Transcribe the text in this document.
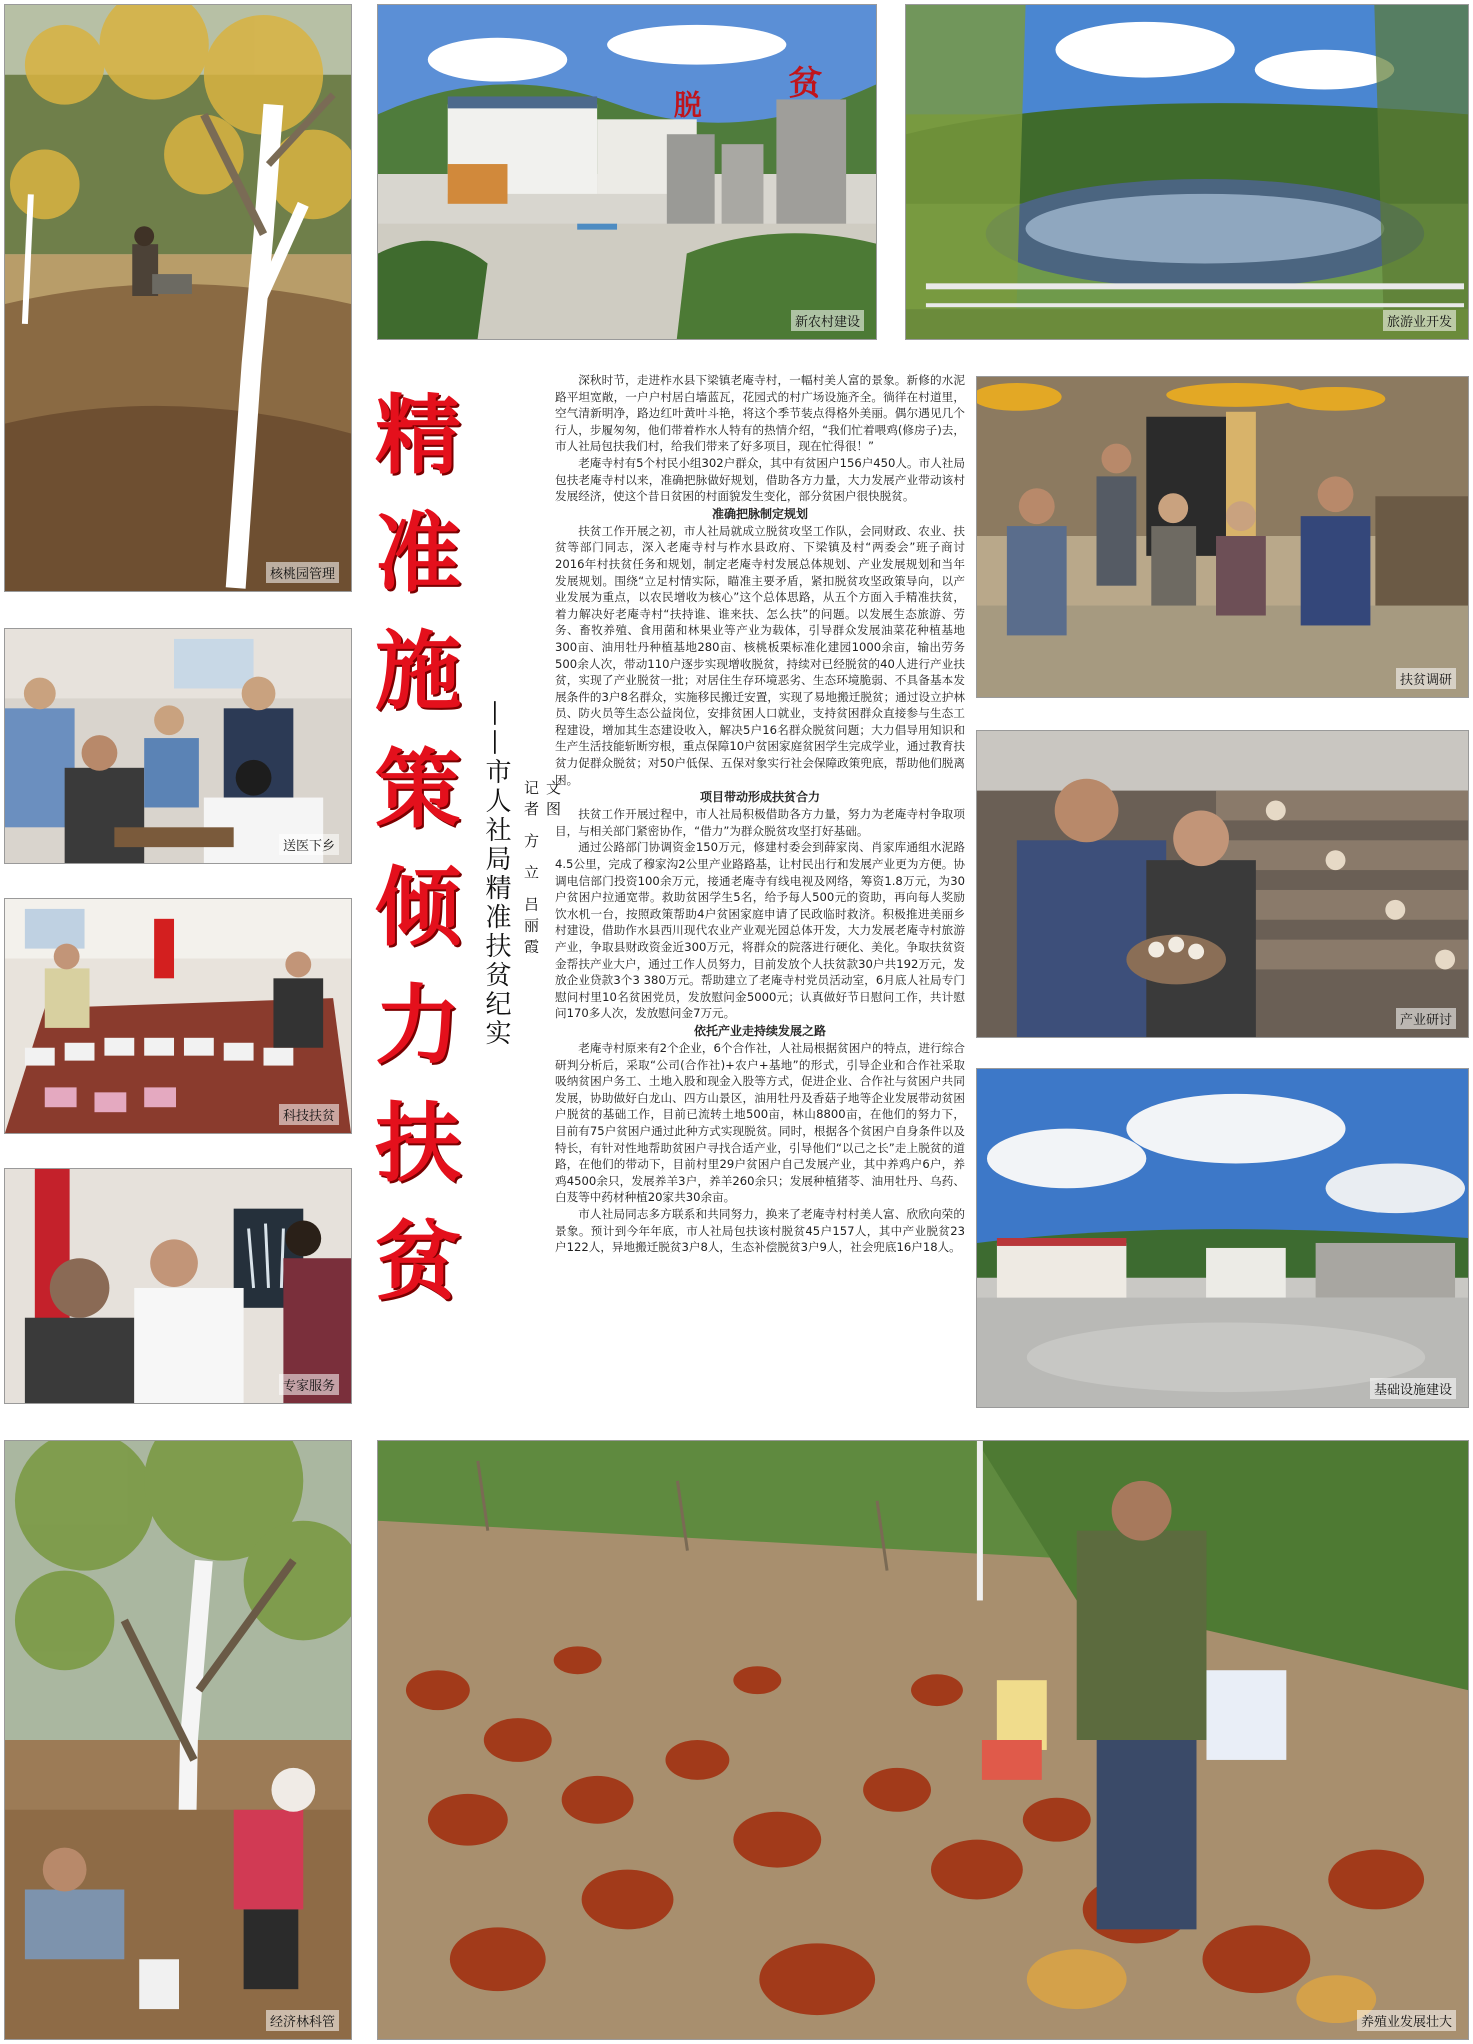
核桃园管理
脱
贫
新农村建设	旅游业开发
精
准
施
策
倾
力
扶
贫
——市人社局精准扶贫纪实 文图
记者 方 立 吕丽霞

深秋时节，走进柞水县下梁镇老庵寺村，一幅村美人富的景象。新修的水泥路平坦宽敞，一户户村居白墙蓝瓦，花园式的村广场设施齐全。徜徉在村道里，空气清新明净，路边红叶黄叶斗艳，将这个季节装点得格外美丽。偶尔遇见几个行人，步履匆匆，他们带着柞水人特有的热情介绍，“我们忙着喂鸡(修房子)去，市人社局包扶我们村，给我们带来了好多项目，现在忙得很！”

老庵寺村有5个村民小组302户群众，其中有贫困户156户450人。市人社局包扶老庵寺村以来，准确把脉做好规划，借助各方力量，大力发展产业带动该村发展经济，使这个昔日贫困的村面貌发生变化，部分贫困户很快脱贫。

准确把脉制定规划

扶贫工作开展之初，市人社局就成立脱贫攻坚工作队，会同财政、农业、扶贫等部门同志，深入老庵寺村与柞水县政府、下梁镇及村“两委会”班子商讨2016年村扶贫任务和规划，制定老庵寺村发展总体规划、产业发展规划和当年发展规划。围绕“立足村情实际，瞄准主要矛盾，紧扣脱贫攻坚政策导向，以产业发展为重点，以农民增收为核心”这个总体思路，从五个方面入手精准扶贫，着力解决好老庵寺村“扶持谁、谁来扶、怎么扶”的问题。以发展生态旅游、劳务、畜牧养殖、食用菌和林果业等产业为载体，引导群众发展油菜花种植基地300亩、油用牡丹种植基地280亩、核桃板栗标准化建园1000余亩，输出劳务500余人次，带动110户逐步实现增收脱贫，持续对已经脱贫的40人进行产业扶贫，实现了产业脱贫一批；对居住生存环境恶劣、生态环境脆弱、不具备基本发展条件的3户8名群众，实施移民搬迁安置，实现了易地搬迁脱贫；通过设立护林员、防火员等生态公益岗位，安排贫困人口就业，支持贫困群众直接参与生态工程建设，增加其生态建设收入，解决5户16名群众脱贫问题；大力倡导用知识和生产生活技能斩断穷根，重点保障10户贫困家庭贫困学生完成学业，通过教育扶贫力促群众脱贫；对50户低保、五保对象实行社会保障政策兜底，帮助他们脱离困。

项目带动形成扶贫合力

扶贫工作开展过程中，市人社局积极借助各方力量，努力为老庵寺村争取项目，与相关部门紧密协作，“借力”为群众脱贫攻坚打好基础。

通过公路部门协调资金150万元，修建村委会到薛家岗、肖家库通组水泥路4.5公里，完成了穆家沟2公里产业路路基，让村民出行和发展产业更为方便。协调电信部门投资100余万元，接通老庵寺有线电视及网络，筹资1.8万元，为30户贫困户拉通宽带。救助贫困学生5名，给予每人500元的资助，再向每人奖励饮水机一台，按照政策帮助4户贫困家庭申请了民政临时救济。积极推进美丽乡村建设，借助作水县西川现代农业产业观光园总体开发，大力发展老庵寺村旅游产业，争取县财政资金近300万元，将群众的院落进行硬化、美化。争取扶贫资金帮扶产业大户，通过工作人员努力，目前发放个人扶贫款30户共192万元，发放企业贷款3个3 380万元。帮助建立了老庵寺村党员活动室，6月底人社局专门慰问村里10名贫困党员，发放慰问金5000元；认真做好节日慰问工作，共计慰问170多人次，发放慰问金7万元。

依托产业走持续发展之路

老庵寺村原来有2个企业，6个合作社，人社局根据贫困户的特点，进行综合研判分析后，采取“公司(合作社)+农户+基地”的形式，引导企业和合作社采取吸纳贫困户务工、土地入股和现金入股等方式，促进企业、合作社与贫困户共同发展，协助做好白龙山、四方山景区，油用牡丹及香菇子地等企业发展带动贫困户脱贫的基础工作，目前已流转土地500亩，林山8800亩，在他们的努力下，目前有75户贫困户通过此种方式实现脱贫。同时，根据各个贫困户自身条件以及特长，有针对性地帮助贫困户寻找合适产业，引导他们“以己之长”走上脱贫的道路，在他们的带动下，目前村里29户贫困户自己发展产业，其中养鸡户6户，养鸡4500余只，发展养羊3户，养羊260余只；发展种植猪苓、油用牡丹、乌药、白芨等中药材种植20家共30余亩。

市人社局同志多方联系和共同努力，换来了老庵寺村村美人富、欣欣向荣的景象。预计到今年年底，市人社局包扶该村脱贫45户157人，其中产业脱贫23户122人，异地搬迁脱贫3户8人，生态补偿脱贫3户9人，社会兜底16户18人。

扶贫调研
送医下乡
产业研讨
科技扶贫
基础设施建设
专家服务
经济林科管	养殖业发展壮大
